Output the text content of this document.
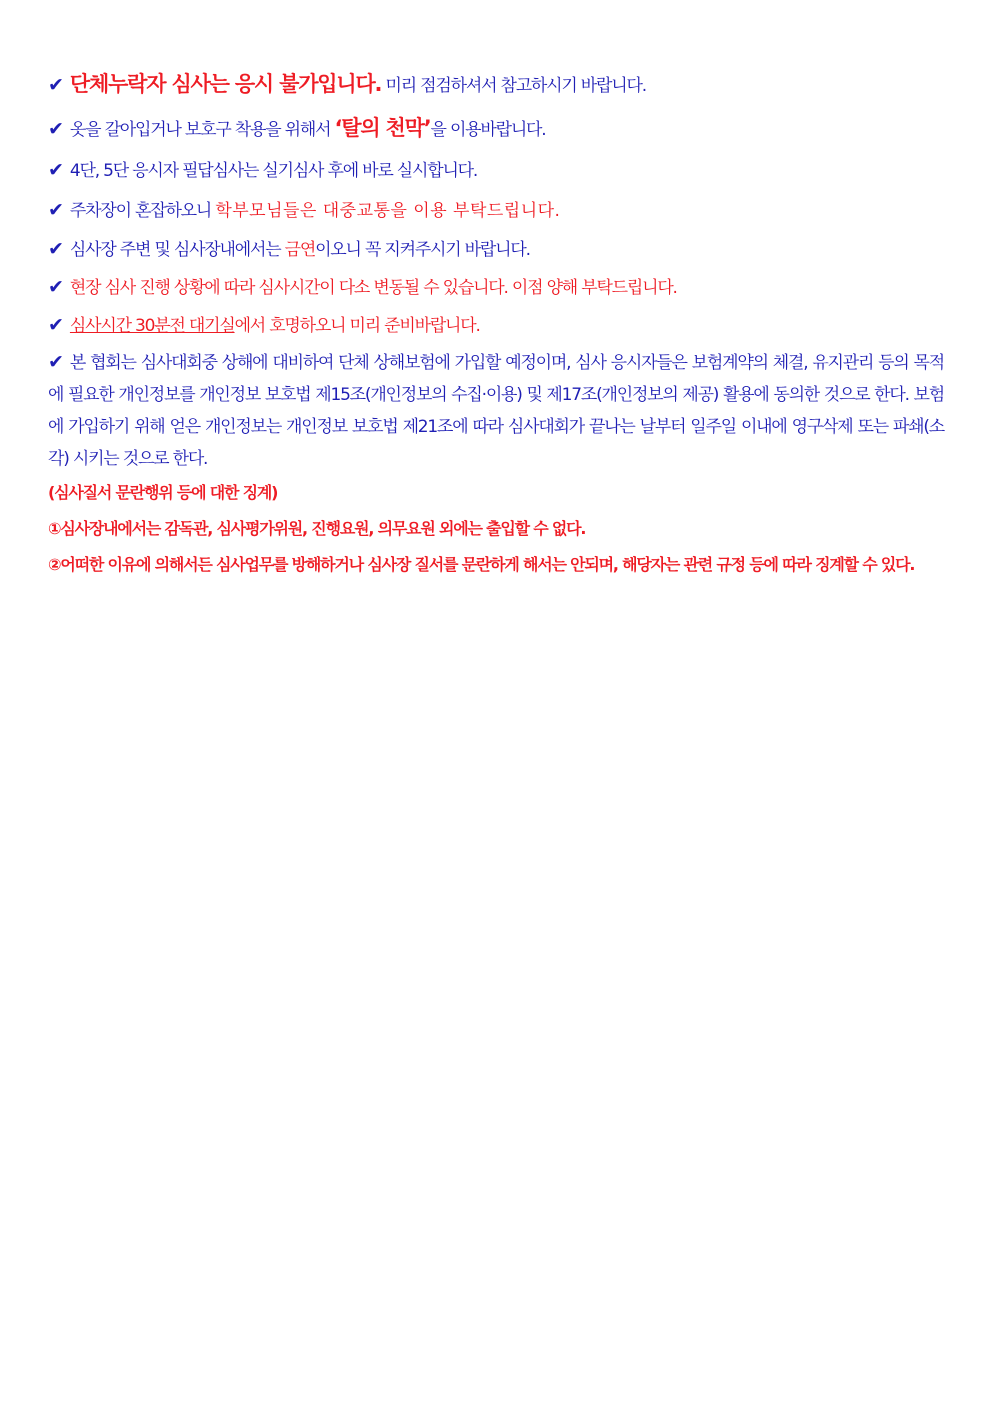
✔ 단체누락자 심사는 응시 불가입니다. 미리 점검하셔서 참고하시기 바랍니다.
✔ 옷을 갈아입거나 보호구 착용을 위해서 ‘탈의 천막’을 이용바랍니다.
✔ 4단, 5단 응시자 필답심사는 실기심사 후에 바로 실시합니다.
✔ 주차장이 혼잡하오니 학부모님들은 대중교통을 이용 부탁드립니다.
✔ 심사장 주변 및 심사장내에서는 금연이오니 꼭 지켜주시기 바랍니다.
✔ 현장 심사 진행 상황에 따라 심사시간이 다소 변동될 수 있습니다. 이점 양해 부탁드립니다.
✔ 심사시간 30분전 대기실에서 호명하오니 미리 준비바랍니다.
✔ 본 협회는 심사대회중 상해에 대비하여 단체 상해보험에 가입할 예정이며, 심사 응시자들은 보험계약의 체결, 유지관리 등의 목적에 필요한 개인정보를 개인정보 보호법 제15조(개인정보의 수집·이용) 및 제17조(개인정보의 제공) 활용에 동의한 것으로 한다. 보험에 가입하기 위해 얻은 개인정보는 개인정보 보호법 제21조에 따라 심사대회가 끝나는 날부터 일주일 이내에 영구삭제 또는 파쇄(소각) 시키는 것으로 한다.
(심사질서 문란행위 등에 대한 징계)
①심사장내에서는 감독관, 심사평가위원, 진행요원, 의무요원 외에는 출입할 수 없다.
②어떠한 이유에 의해서든 심사업무를 방해하거나 심사장 질서를 문란하게 해서는 안되며, 해당자는 관련 규정 등에 따라 징계할 수 있다.
